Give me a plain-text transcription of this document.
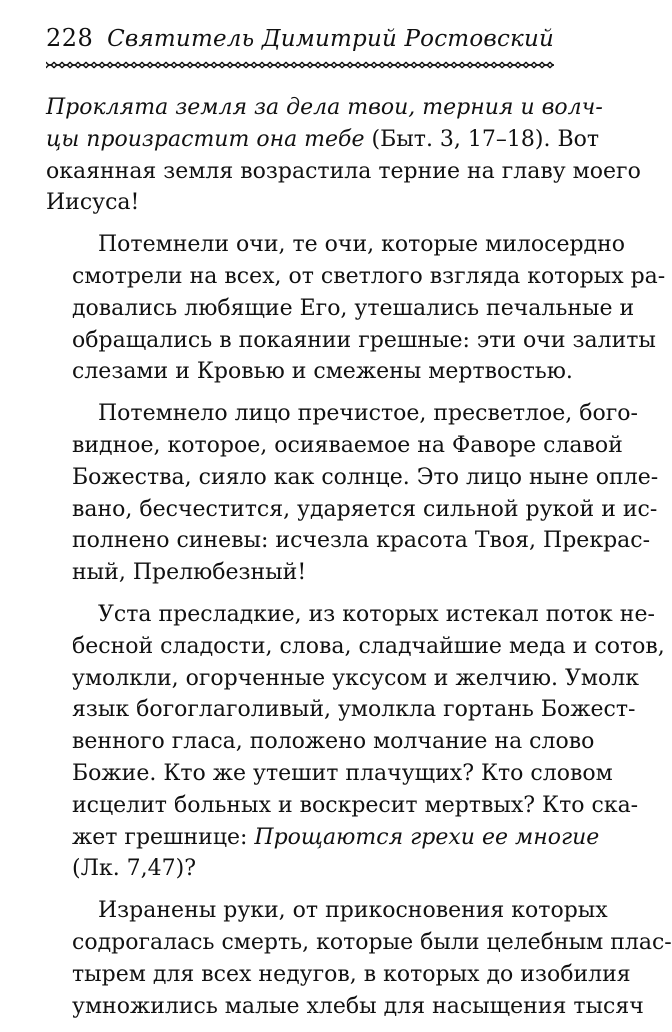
228 Святитель Димитрий Ростовский
Проклята земля за дела твои, терния и волч-
цы произрастит она тебе (Быт. 3, 17–18). Вот
окаянная земля возрастила терние на главу моего
Иисуса!
Потемнели очи, те очи, которые милосердно
смотрели на всех, от светлого взгляда которых ра-
довались любящие Его, утешались печальные и
обращались в покаянии грешные: эти очи залиты
слезами и Кровью и смежены мертвостью.
Потемнело лицо пречистое, пресветлое, бого-
видное, которое, осияваемое на Фаворе славой
Божества, сияло как солнце. Это лицо ныне опле-
вано, бесчестится, ударяется сильной рукой и ис-
полнено синевы: исчезла красота Твоя, Прекрас-
ный, Прелюбезный!
Уста пресладкие, из которых истекал поток не-
бесной сладости, слова, сладчайшие меда и сотов,
умолкли, огорченные уксусом и желчию. Умолк
язык богоглаголивый, умолкла гортань Божест-
венного гласа, положено молчание на слово
Божие. Кто же утешит плачущих? Кто словом
исцелит больных и воскресит мертвых? Кто ска-
жет грешнице: Прощаются грехи ее многие
(Лк. 7,47)?
Изранены руки, от прикосновения которых
содрогалась смерть, которые были целебным плас-
тырем для всех недугов, в которых до изобилия
умножились малые хлебы для насыщения тысяч
